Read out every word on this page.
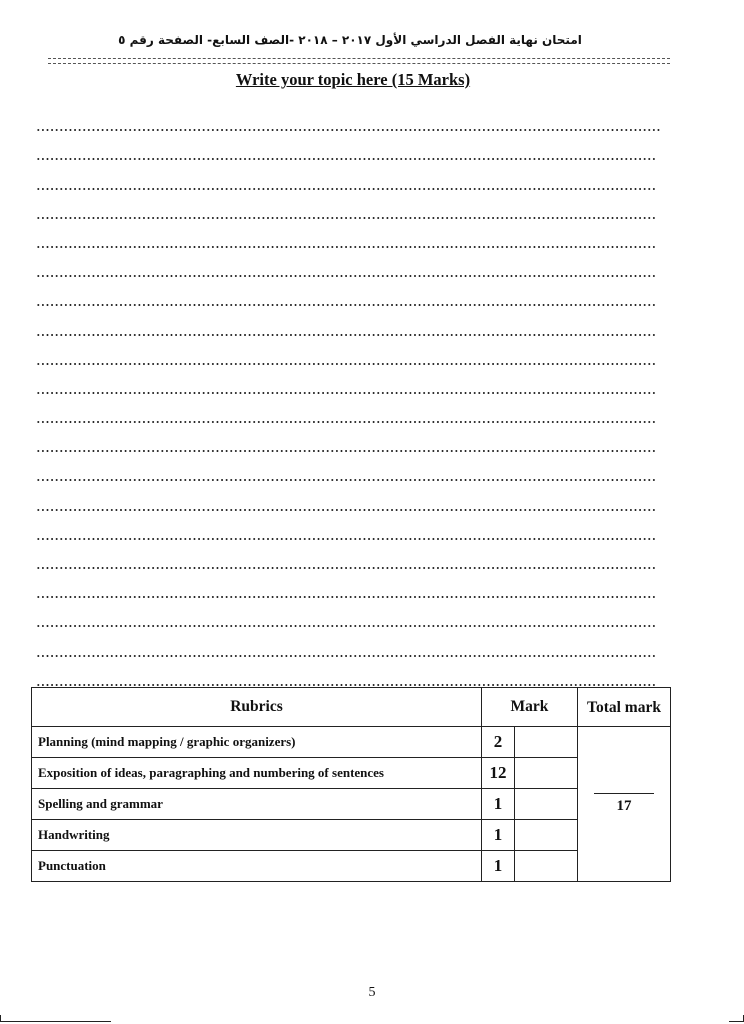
امتحان نهاية الفصل الدراسي الأول ٢٠١٧ – ٢٠١٨ -الصف السابع- الصفحة رقم ٥
Write your topic here (15 Marks)
Rubrics	Mark		Total mark
Planning (mind mapping / graphic organizers)	2		17

Exposition of ideas, paragraphing and numbering of sentences	12		
Spelling and grammar	1		
Handwriting	1		
Punctuation	1		
5
